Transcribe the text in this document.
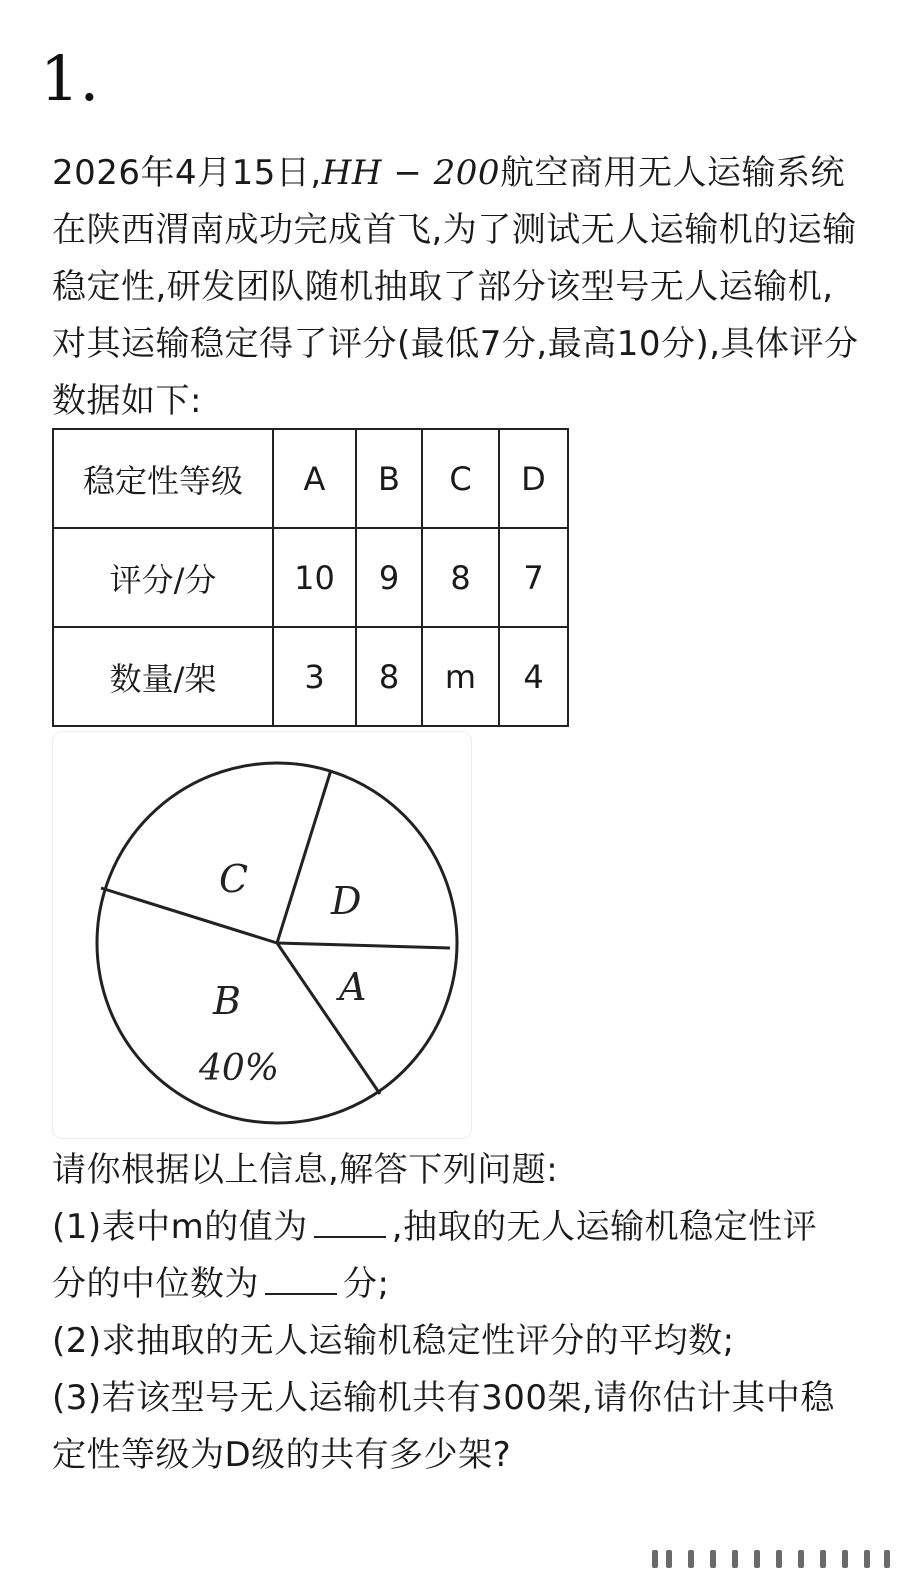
1.
2026年4月15日,HH − 200航空商用无人运输系统在陕西渭南成功完成首飞,为了测试无人运输机的运输稳定性,研发团队随机抽取了部分该型号无人运输机,对其运输稳定得了评分(最低7分,最高10分),具体评分数据如下:
稳定性等级	A	B	C	D
评分/分	10	9	8	7
数量/架	3	8	m	4
C D
A
B
40%
请你根据以上信息,解答下列问题:
(1)表中m的值为 ,抽取的无人运输机稳定性评
分的中位数为 分;
(2)求抽取的无人运输机稳定性评分的平均数;
(3)若该型号无人运输机共有300架,请你估计其中稳
定性等级为D级的共有多少架?
